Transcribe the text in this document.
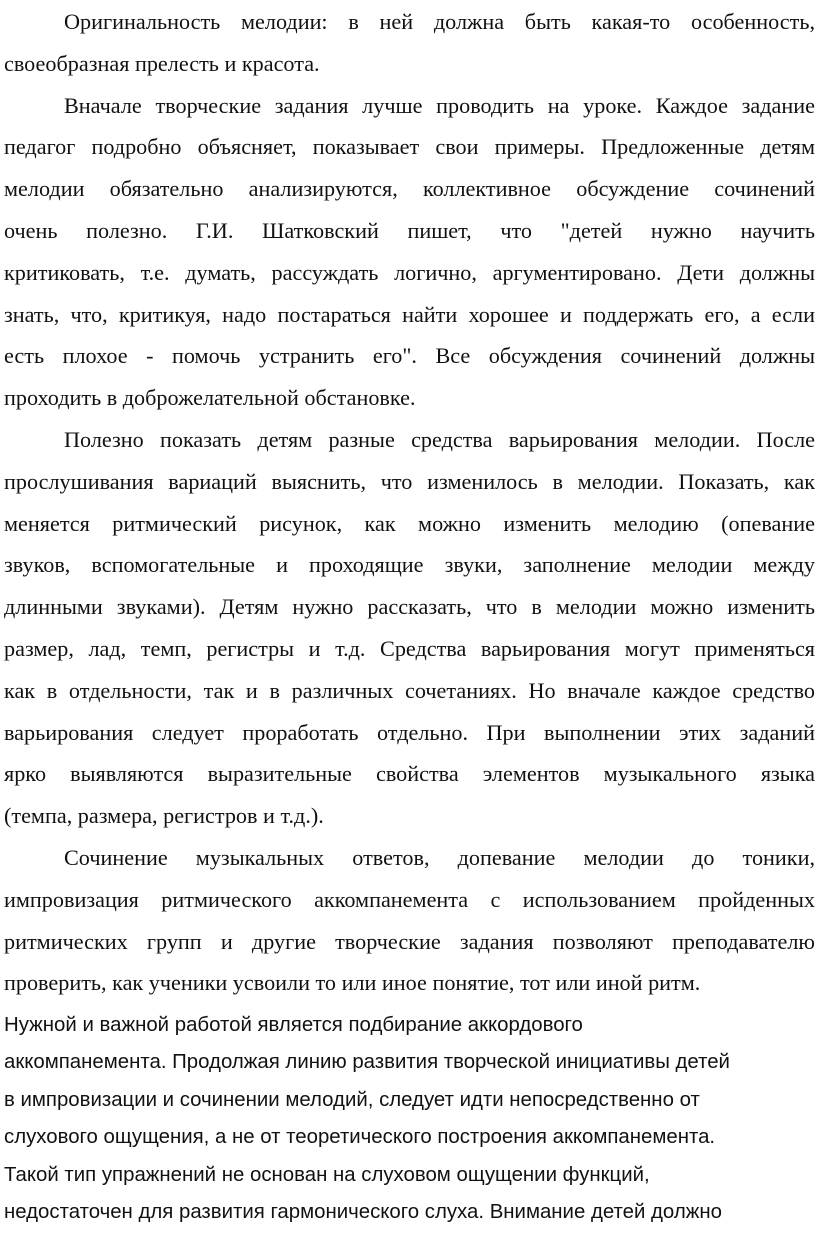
Оригинальность мелодии: в ней должна быть какая-то особенность,
своеобразная прелесть и красота.

Вначале творческие задания лучше проводить на уроке. Каждое задание
педагог подробно объясняет, показывает свои примеры. Предложенные детям
мелодии обязательно анализируются, коллективное обсуждение сочинений
очень полезно. Г.И. Шатковский пишет, что "детей нужно научить
критиковать, т.е. думать, рассуждать логично, аргументировано. Дети должны
знать, что, критикуя, надо постараться найти хорошее и поддержать его, а если
есть плохое - помочь устранить его". Все обсуждения сочинений должны
проходить в доброжелательной обстановке.

Полезно показать детям разные средства варьирования мелодии. После
прослушивания вариаций выяснить, что изменилось в мелодии. Показать, как
меняется ритмический рисунок, как можно изменить мелодию (опевание
звуков, вспомогательные и проходящие звуки, заполнение мелодии между
длинными звуками). Детям нужно рассказать, что в мелодии можно изменить
размер, лад, темп, регистры и т.д. Средства варьирования могут применяться
как в отдельности, так и в различных сочетаниях. Но вначале каждое средство
варьирования следует проработать отдельно. При выполнении этих заданий
ярко выявляются выразительные свойства элементов музыкального языка
(темпа, размера, регистров и т.д.).

Сочинение музыкальных ответов, допевание мелодии до тоники,
импровизация ритмического аккомпанемента с использованием пройденных
ритмических групп и другие творческие задания позволяют преподавателю
проверить, как ученики усвоили то или иное понятие, тот или иной ритм.

Нужной и важной работой является подбирание аккордового
аккомпанемента. Продолжая линию развития творческой инициативы детей
в импровизации и сочинении мелодий, следует идти непосредственно от
слухового ощущения, а не от теоретического построения аккомпанемента.
Такой тип упражнений не основан на слуховом ощущении функций,
недостаточен для развития гармонического слуха. Внимание детей должно
